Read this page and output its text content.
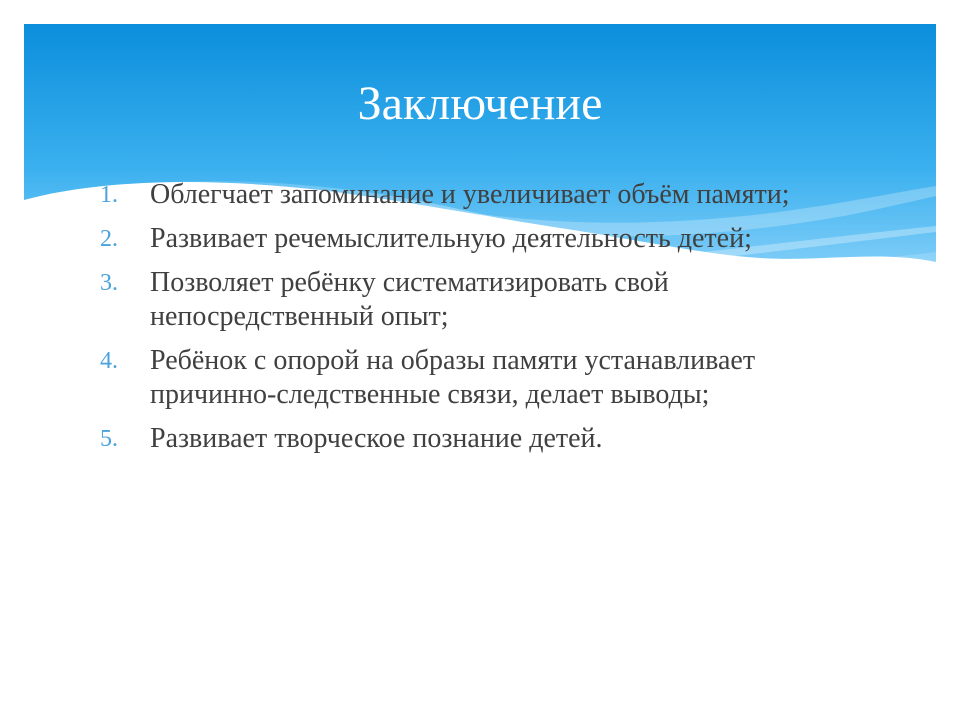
Заключение
1.	Облегчает запоминание и увеличивает объём памяти;
2.	Развивает речемыслительную деятельность детей;
3.	Позволяет ребёнку систематизировать свой непосредственный опыт;
4.	Ребёнок с опорой на образы памяти устанавливает причинно-следственные связи, делает выводы;
5.	Развивает творческое познание детей.
